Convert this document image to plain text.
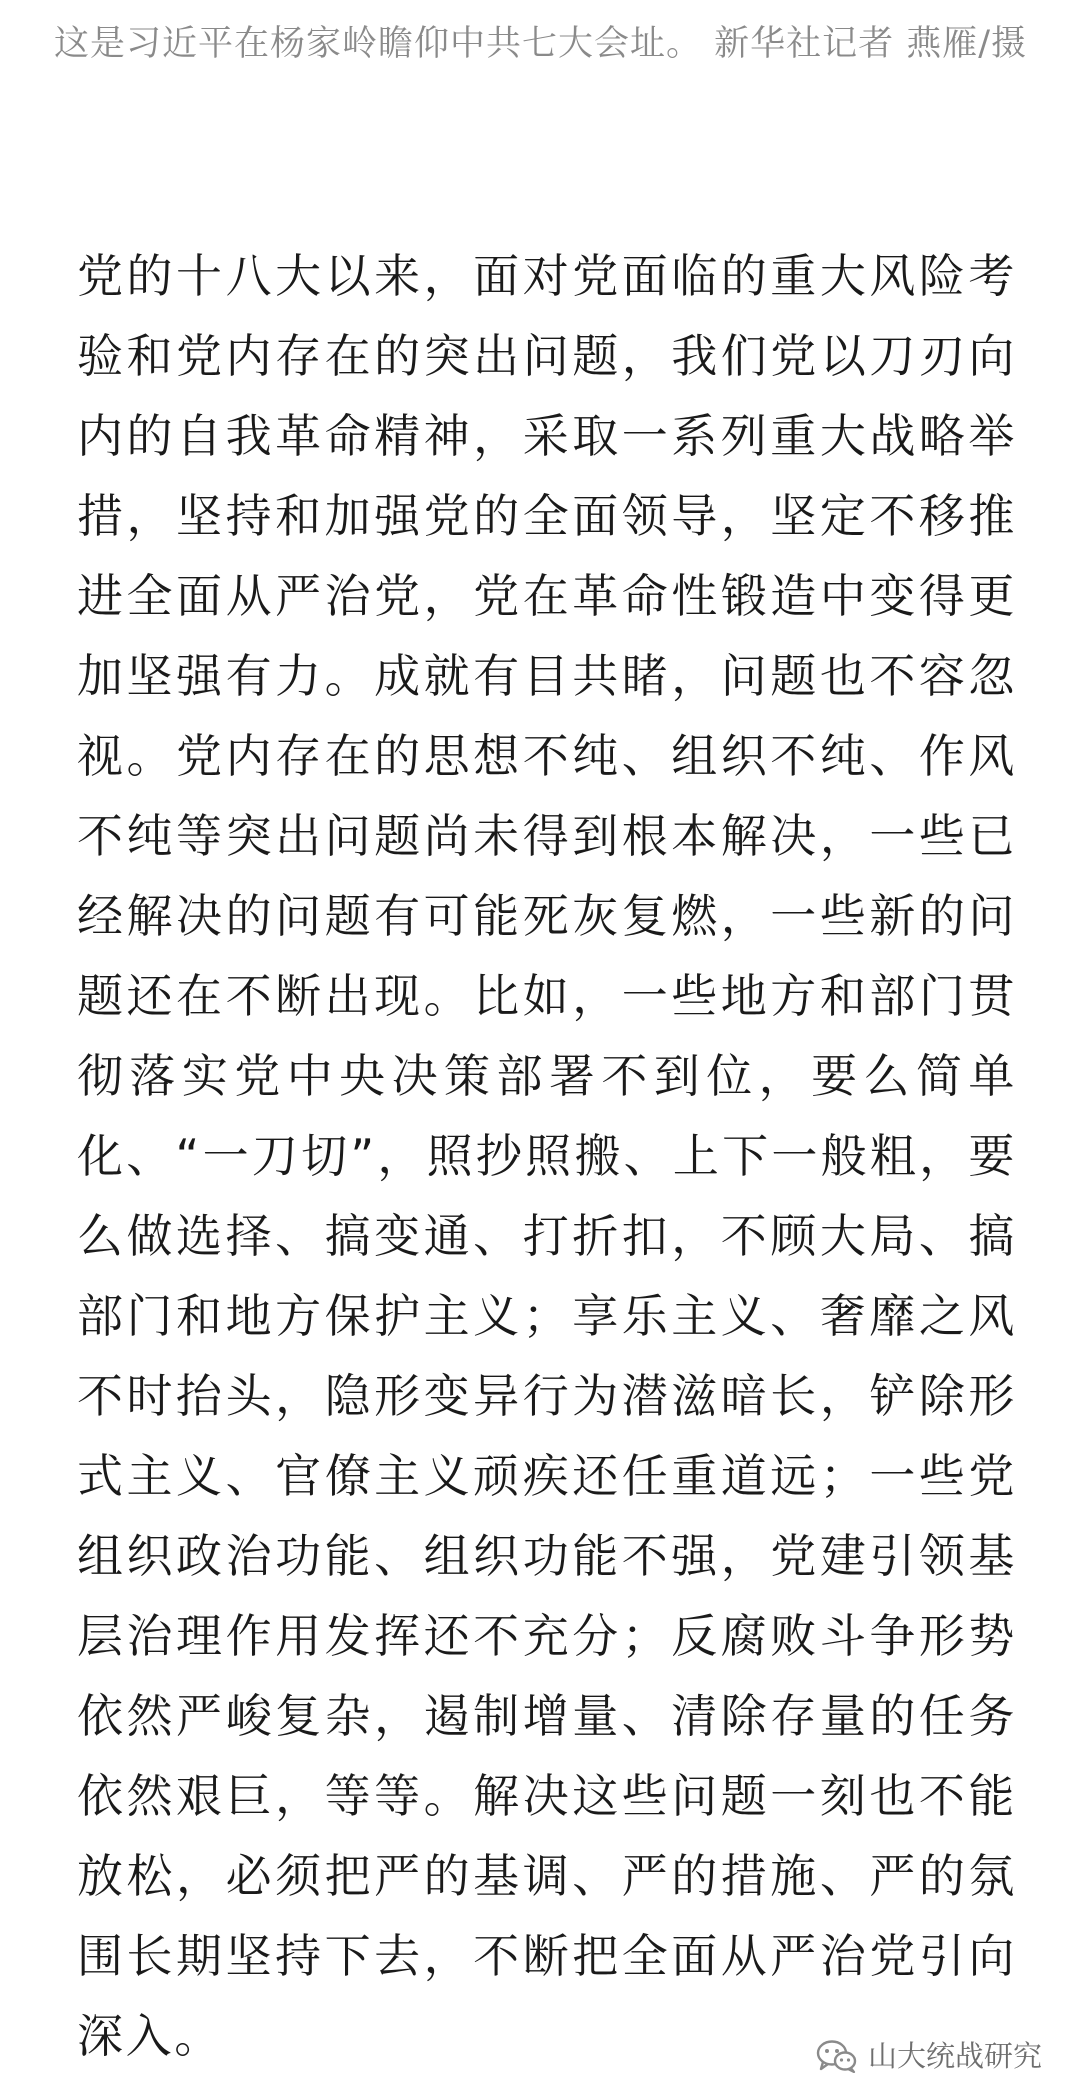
这是习近平在杨家岭瞻仰中共七大会址。 新华社记者 燕雁/摄

党的十八大以来，面对党面临的重大风险考验和党内存在的突出问题，我们党以刀刃向内的自我革命精神，采取一系列重大战略举措，坚持和加强党的全面领导，坚定不移推进全面从严治党，党在革命性锻造中变得更加坚强有力。成就有目共睹，问题也不容忽视。党内存在的思想不纯、组织不纯、作风不纯等突出问题尚未得到根本解决，一些已经解决的问题有可能死灰复燃，一些新的问题还在不断出现。比如，一些地方和部门贯彻落实党中央决策部署不到位，要么简单化、“一刀切”，照抄照搬、上下一般粗，要么做选择、搞变通、打折扣，不顾大局、搞部门和地方保护主义；享乐主义、奢靡之风不时抬头，隐形变异行为潜滋暗长，铲除形式主义、官僚主义顽疾还任重道远；一些党组织政治功能、组织功能不强，党建引领基层治理作用发挥还不充分；反腐败斗争形势依然严峻复杂，遏制增量、清除存量的任务依然艰巨，等等。解决这些问题一刻也不能放松，必须把严的基调、严的措施、严的氛围长期坚持下去，不断把全面从严治党引向深入。	山大统战研究
